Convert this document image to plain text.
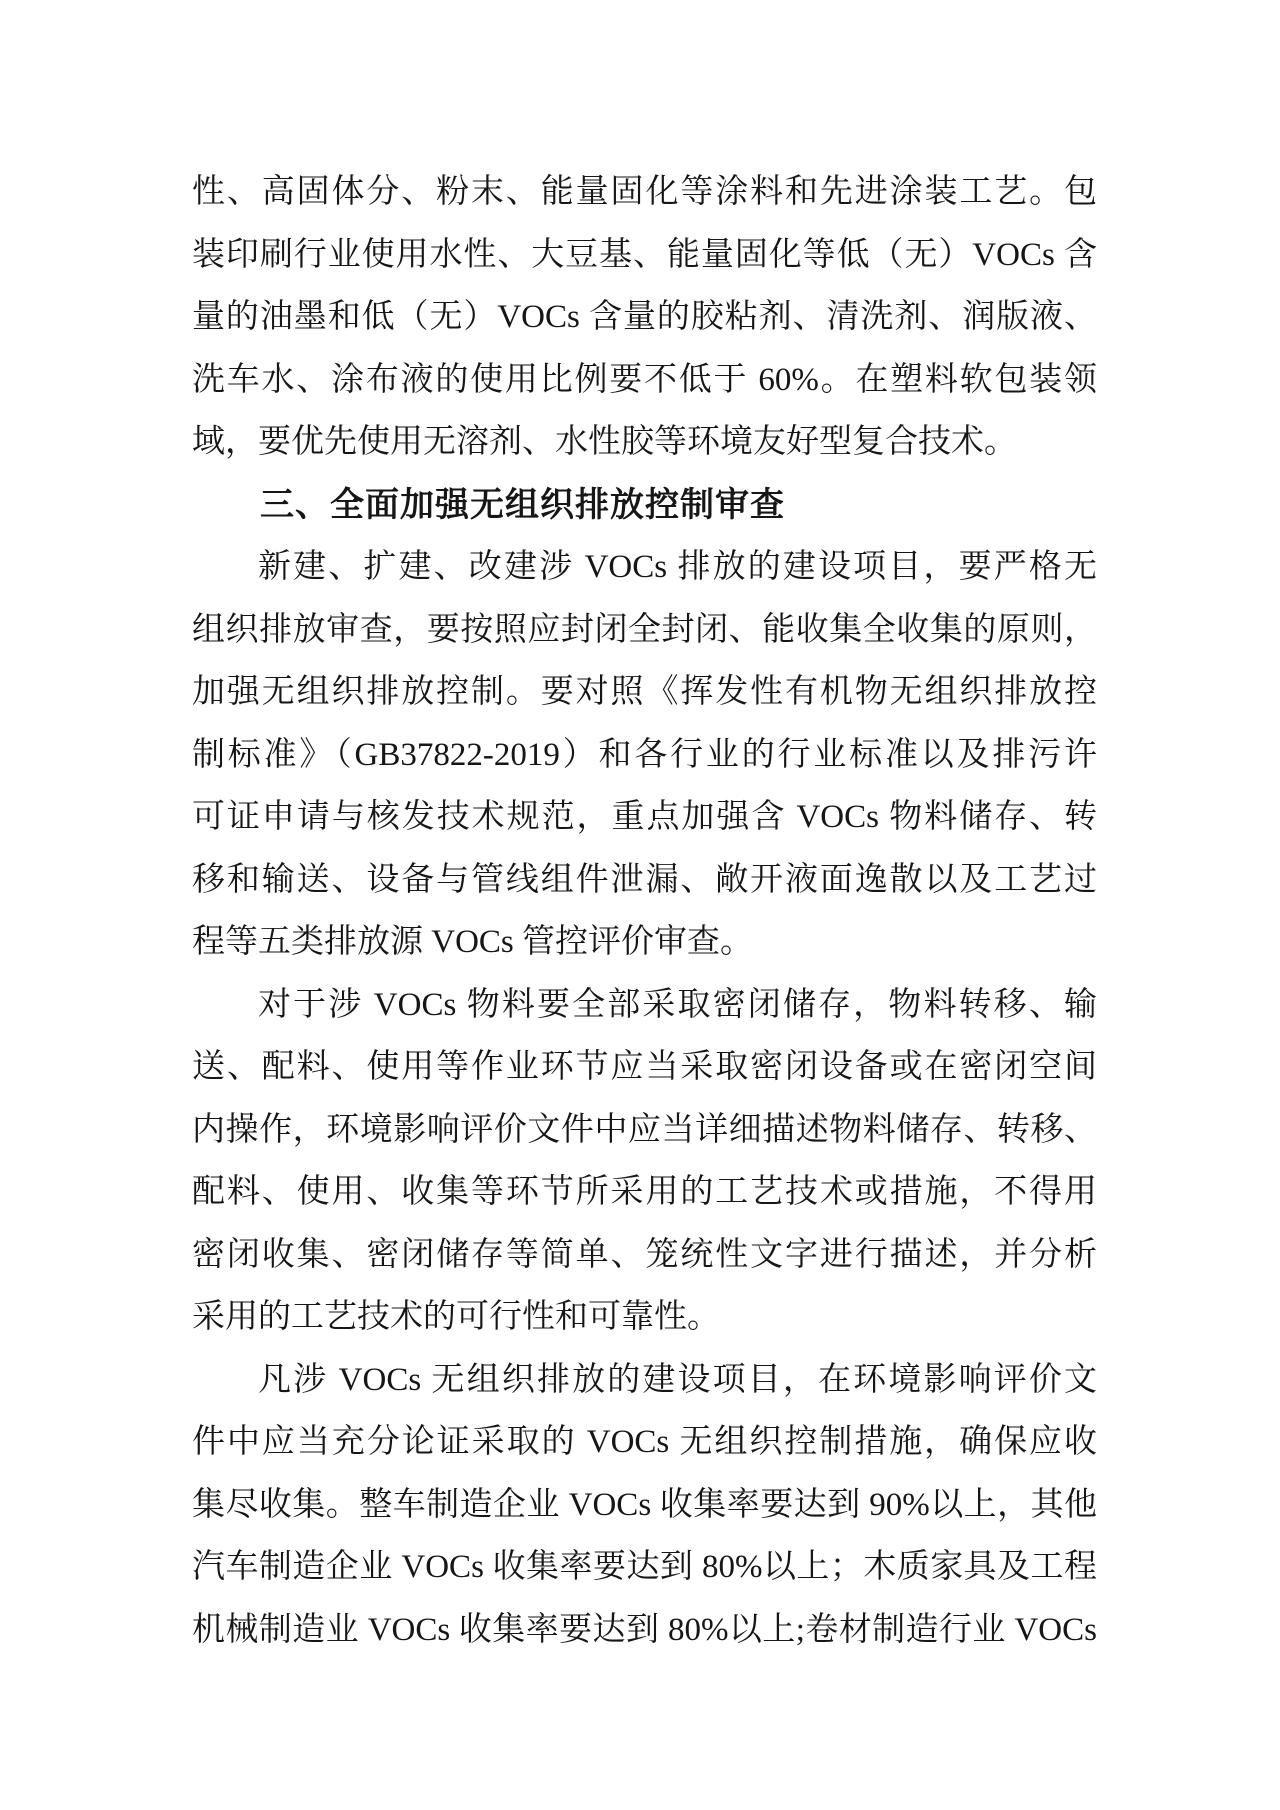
性、高固体分、粉末、能量固化等涂料和先进涂装工艺。包
装印刷行业使用水性、大豆基、能量固化等低（无）VOCs 含
量的油墨和低（无）VOCs 含量的胶粘剂、清洗剂、润版液、
洗车水、涂布液的使用比例要不低于 60%。在塑料软包装领
域，要优先使用无溶剂、水性胶等环境友好型复合技术。
三、全面加强无组织排放控制审查
新建、扩建、改建涉 VOCs 排放的建设项目，要严格无
组织排放审查，要按照应封闭全封闭、能收集全收集的原则，
加强无组织排放控制。要对照《挥发性有机物无组织排放控
制标准》（GB37822-2019）和各行业的行业标准以及排污许
可证申请与核发技术规范，重点加强含 VOCs 物料储存、转
移和输送、设备与管线组件泄漏、敞开液面逸散以及工艺过
程等五类排放源 VOCs 管控评价审查。
对于涉 VOCs 物料要全部采取密闭储存，物料转移、输
送、配料、使用等作业环节应当采取密闭设备或在密闭空间
内操作，环境影响评价文件中应当详细描述物料储存、转移、
配料、使用、收集等环节所采用的工艺技术或措施，不得用
密闭收集、密闭储存等简单、笼统性文字进行描述，并分析
采用的工艺技术的可行性和可靠性。
凡涉 VOCs 无组织排放的建设项目，在环境影响评价文
件中应当充分论证采取的 VOCs 无组织控制措施，确保应收
集尽收集。整车制造企业 VOCs 收集率要达到 90%以上，其他
汽车制造企业 VOCs 收集率要达到 80%以上；木质家具及工程
机械制造业 VOCs 收集率要达到 80%以上;卷材制造行业 VOCs
